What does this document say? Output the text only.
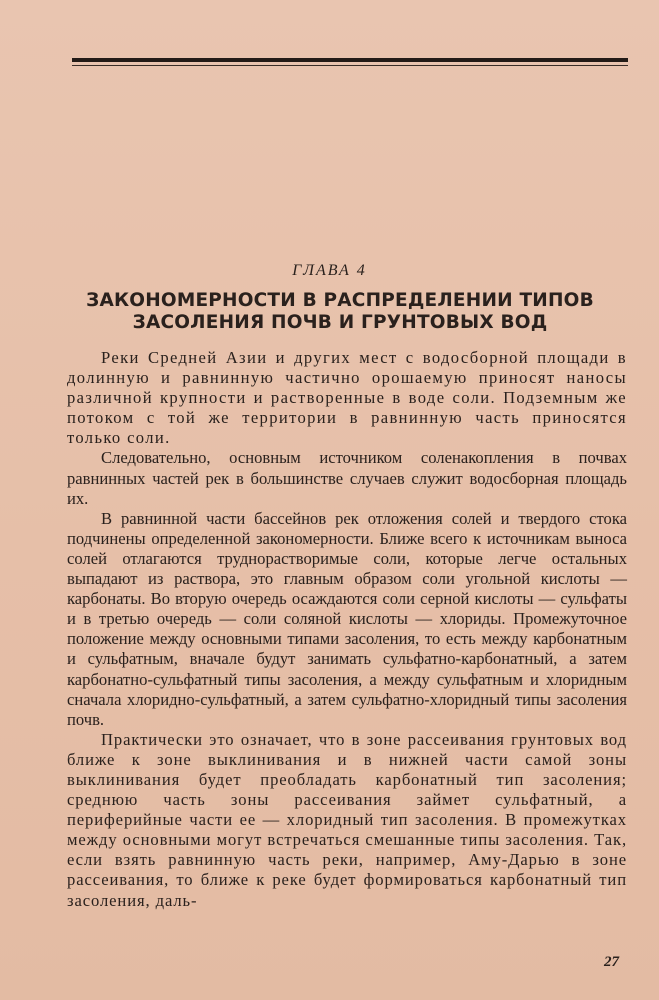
ГЛАВА 4
ЗАКОНОМЕРНОСТИ В РАСПРЕДЕЛЕНИИ ТИПОВ
ЗАСОЛЕНИЯ ПОЧВ И ГРУНТОВЫХ ВОД

Реки Средней Азии и других мест с водосборной площади в долинную и равнинную частично орошаемую приносят наносы различной крупности и растворенные в воде соли. Подземным же потоком с той же территории в равнинную часть приносятся только соли.

Следовательно, основным источником соленакопления в почвах равнинных частей рек в большинстве случаев служит водосборная площадь их.

В равнинной части бассейнов рек отложения солей и твердого стока подчинены определенной закономерности. Ближе всего к источникам выноса солей отлагаются труднорастворимые соли, которые легче остальных выпадают из раствора, это главным образом соли угольной кислоты — карбонаты. Во вторую очередь осаждаются соли серной кислоты — сульфаты и в третью очередь — соли соляной кислоты — хлориды. Промежуточное положение между основными типами засоления, то есть между карбонатным и сульфатным, вначале будут занимать сульфатно-карбонатный, а затем карбонатно-сульфатный типы засоления, а между сульфатным и хлоридным сначала хлоридно-сульфатный, а затем сульфатно-хлоридный типы засоления почв.

Практически это означает, что в зоне рассеивания грунтовых вод ближе к зоне выклинивания и в нижней части самой зоны выклинивания будет преобладать карбонатный тип засоления; среднюю часть зоны рассеивания займет сульфатный, а периферийные части ее — хлоридный тип засоления. В промежутках между основными могут встречаться смешанные типы засоления. Так, если взять равнинную часть реки, например, Аму-Дарью в зоне рассеивания, то ближе к реке будет формироваться карбонатный тип засоления, даль-

27
